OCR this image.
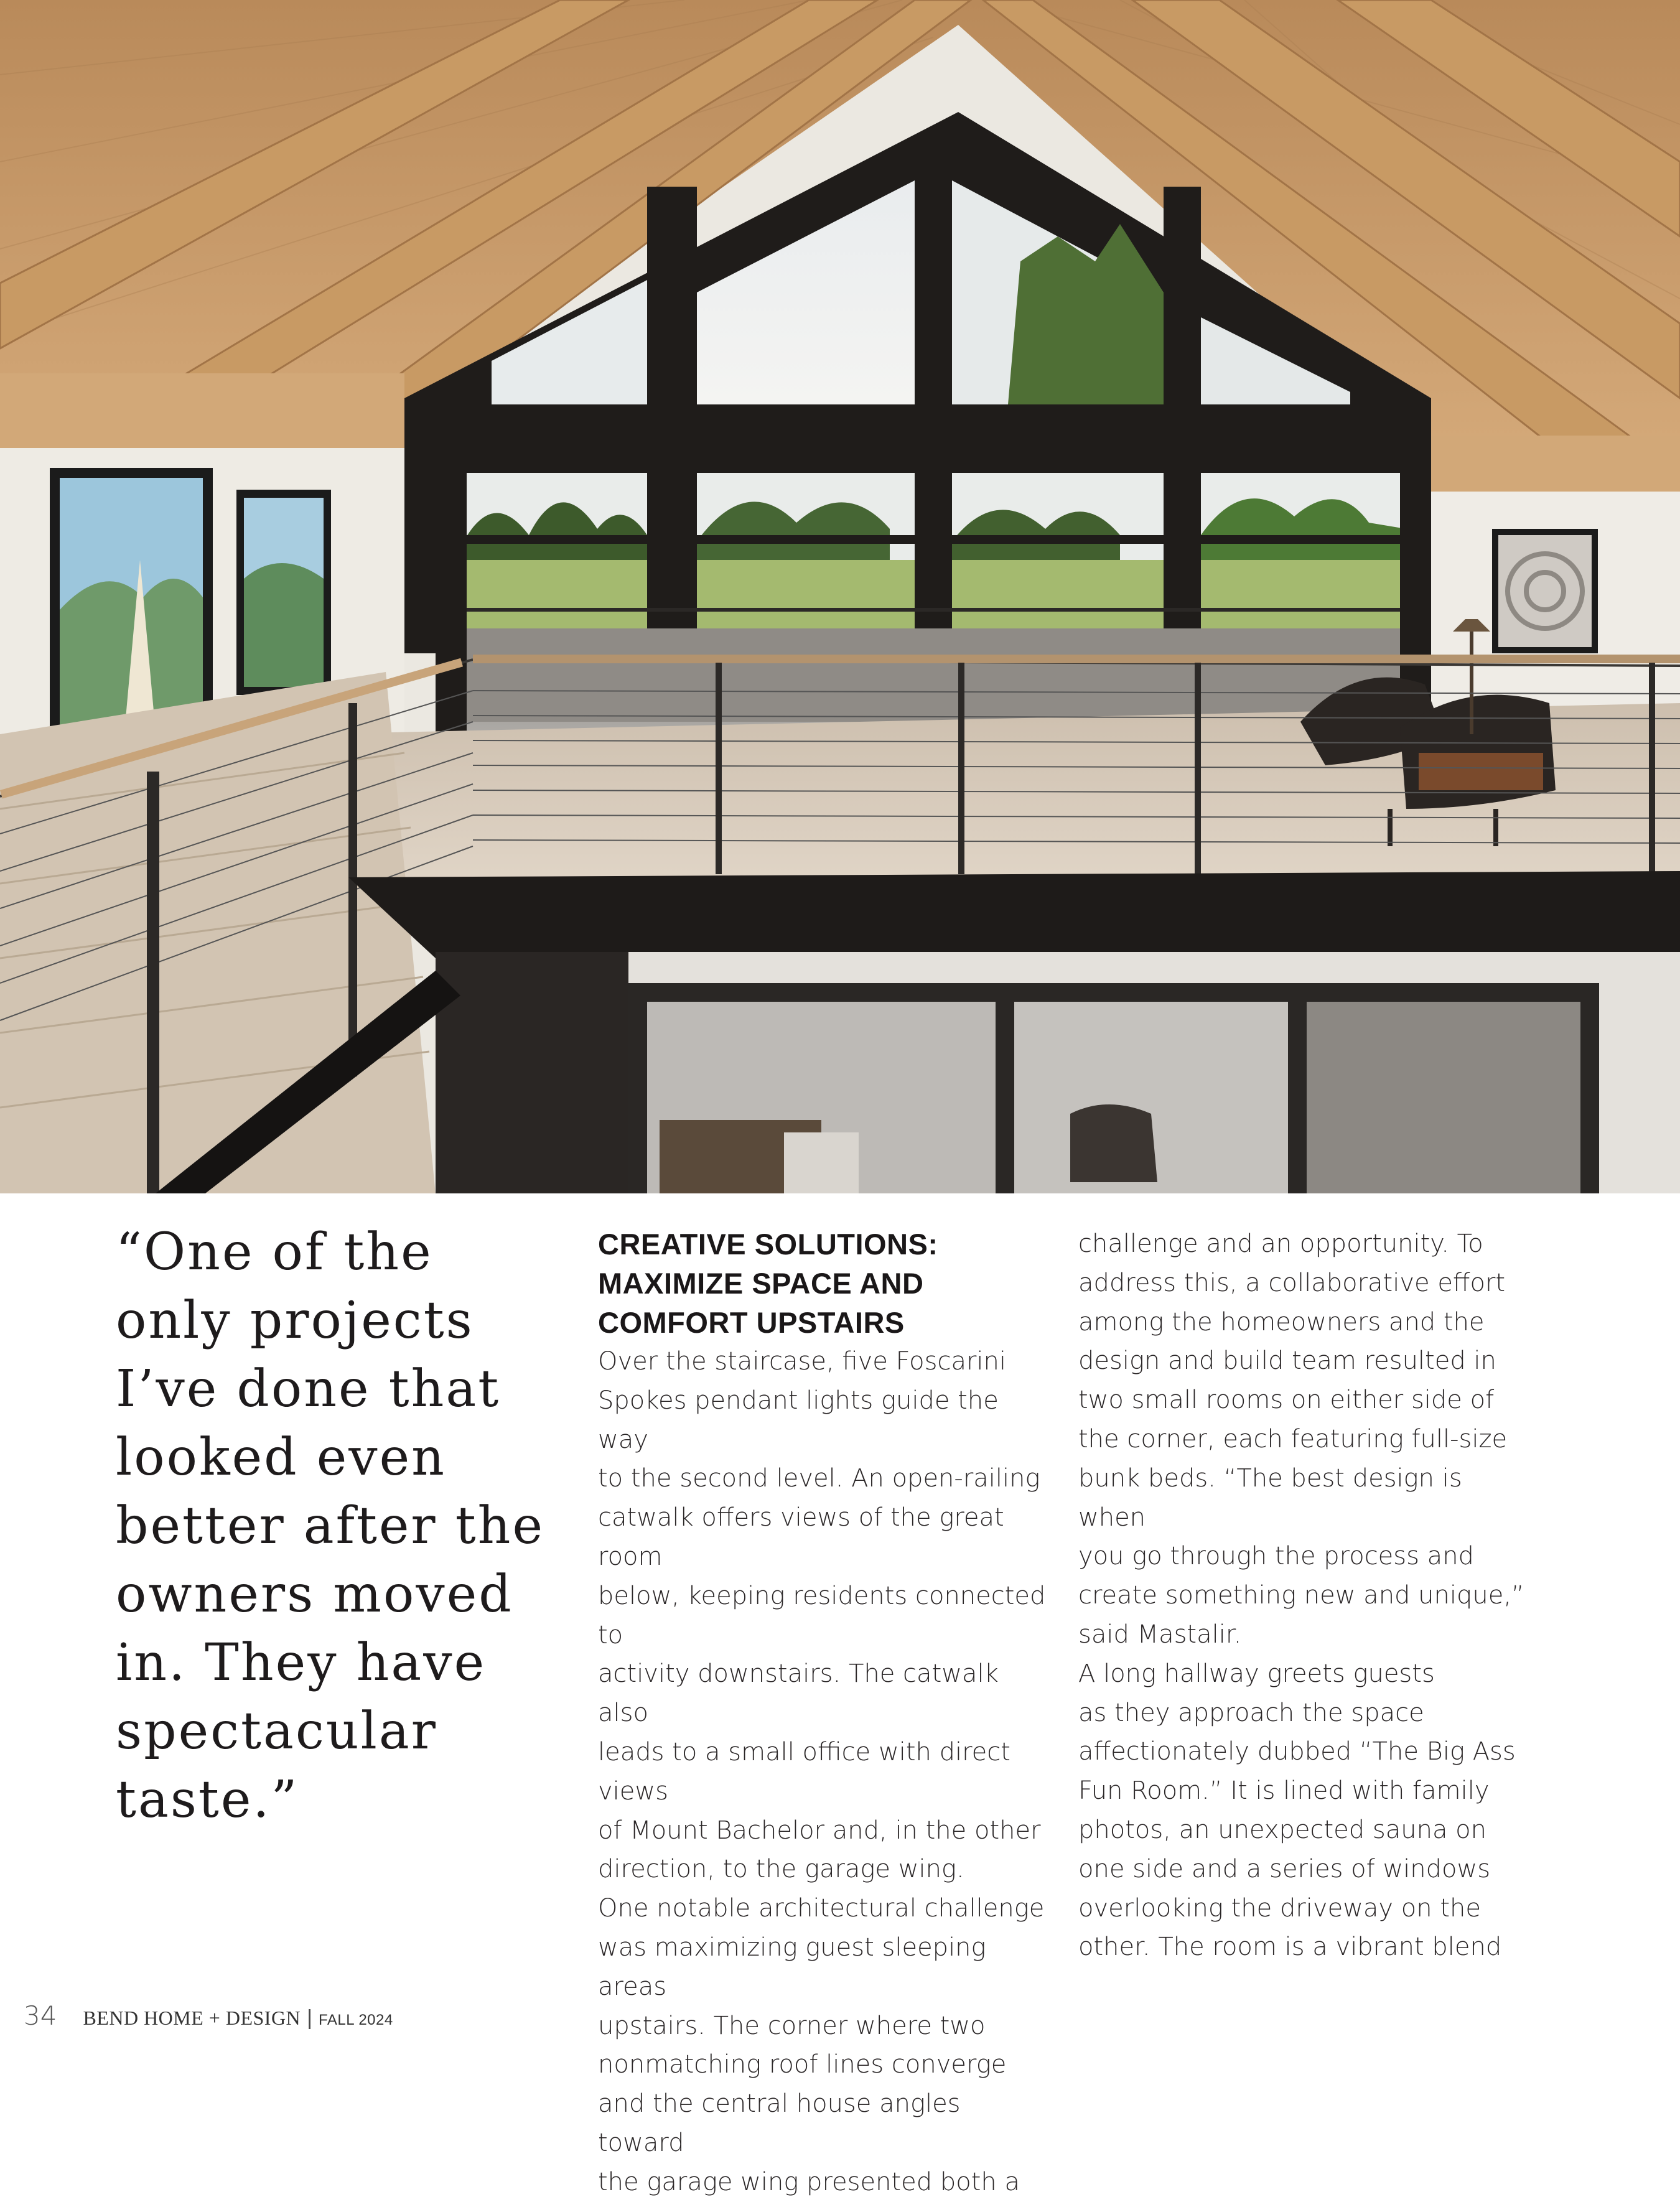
“One of the
only projects
I’ve done that
looked even
better after the
owners moved
in. They have
spectacular
taste.”

CREATIVE SOLUTIONS:
MAXIMIZE SPACE AND
COMFORT UPSTAIRS

Over the staircase, five Foscarini
Spokes pendant lights guide the way
to the second level. An open-railing
catwalk offers views of the great room
below, keeping residents connected to
activity downstairs. The catwalk also
leads to a small office with direct views
of Mount Bachelor and, in the other
direction, to the garage wing.
One notable architectural challenge
was maximizing guest sleeping areas
upstairs. The corner where two
nonmatching roof lines converge
and the central house angles toward
the garage wing presented both a

challenge and an opportunity. To
address this, a collaborative effort
among the homeowners and the
design and build team resulted in
two small rooms on either side of
the corner, each featuring full-size
bunk beds. “The best design is when
you go through the process and
create something new and unique,”
said Mastalir.
A long hallway greets guests
as they approach the space
affectionately dubbed “The Big Ass
Fun Room.” It is lined with family
photos, an unexpected sauna on
one side and a series of windows
overlooking the driveway on the
other. The room is a vibrant blend

34 BEND HOME + DESIGN | FALL 2024
